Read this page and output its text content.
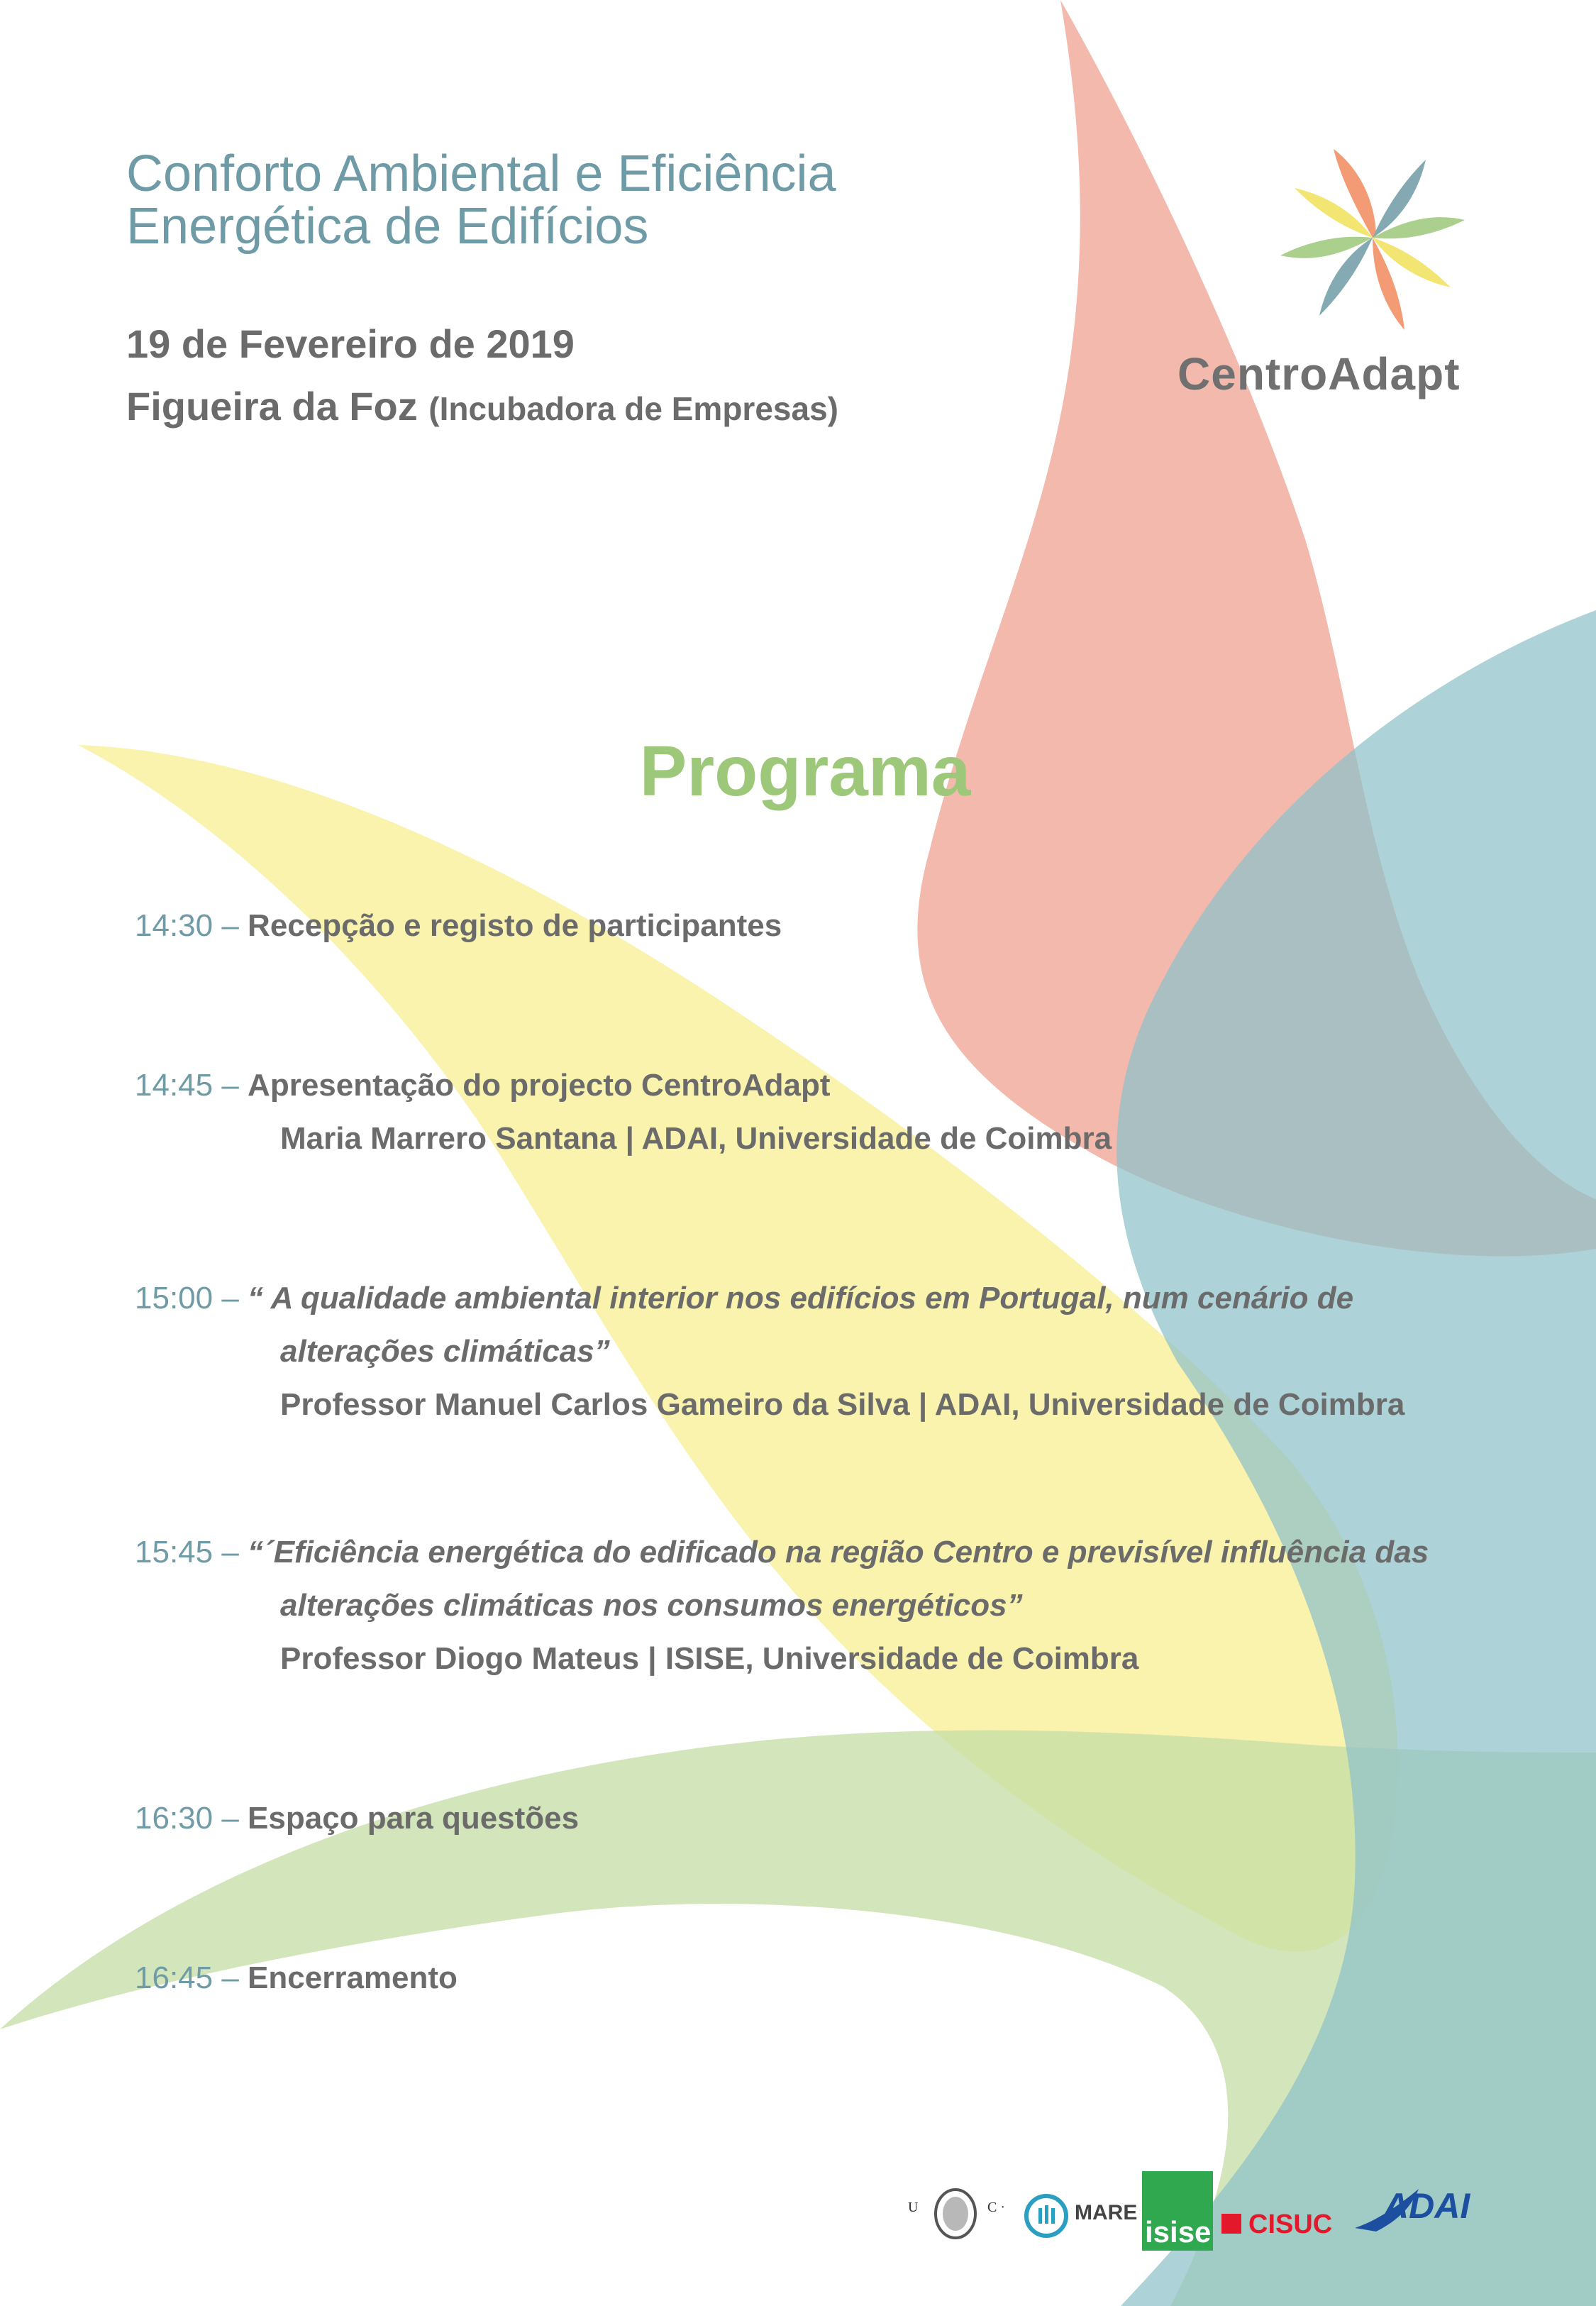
Conforto Ambiental e Eficiência
Energética de Edifícios
19 de Fevereiro de 2019
Figueira da Foz (Incubadora de Empresas)
CentroAdapt
Programa
14:30 – Recepção e registo de participantes
14:45 – Apresentação do projecto CentroAdapt
Maria Marrero Santana | ADAI, Universidade de Coimbra
15:00 – “ A qualidade ambiental interior nos edifícios em Portugal, num cenário de
alterações climáticas”
Professor Manuel Carlos Gameiro da Silva | ADAI, Universidade de Coimbra
15:45 – “´Eficiência energética do edificado na região Centro e previsível influência das
alterações climáticas nos consumos energéticos”
Professor Diogo Mateus | ISISE, Universidade de Coimbra
16:30 – Espaço para questões
16:45 – Encerramento
U	C ·	MARE
isise CISUC ADAI
